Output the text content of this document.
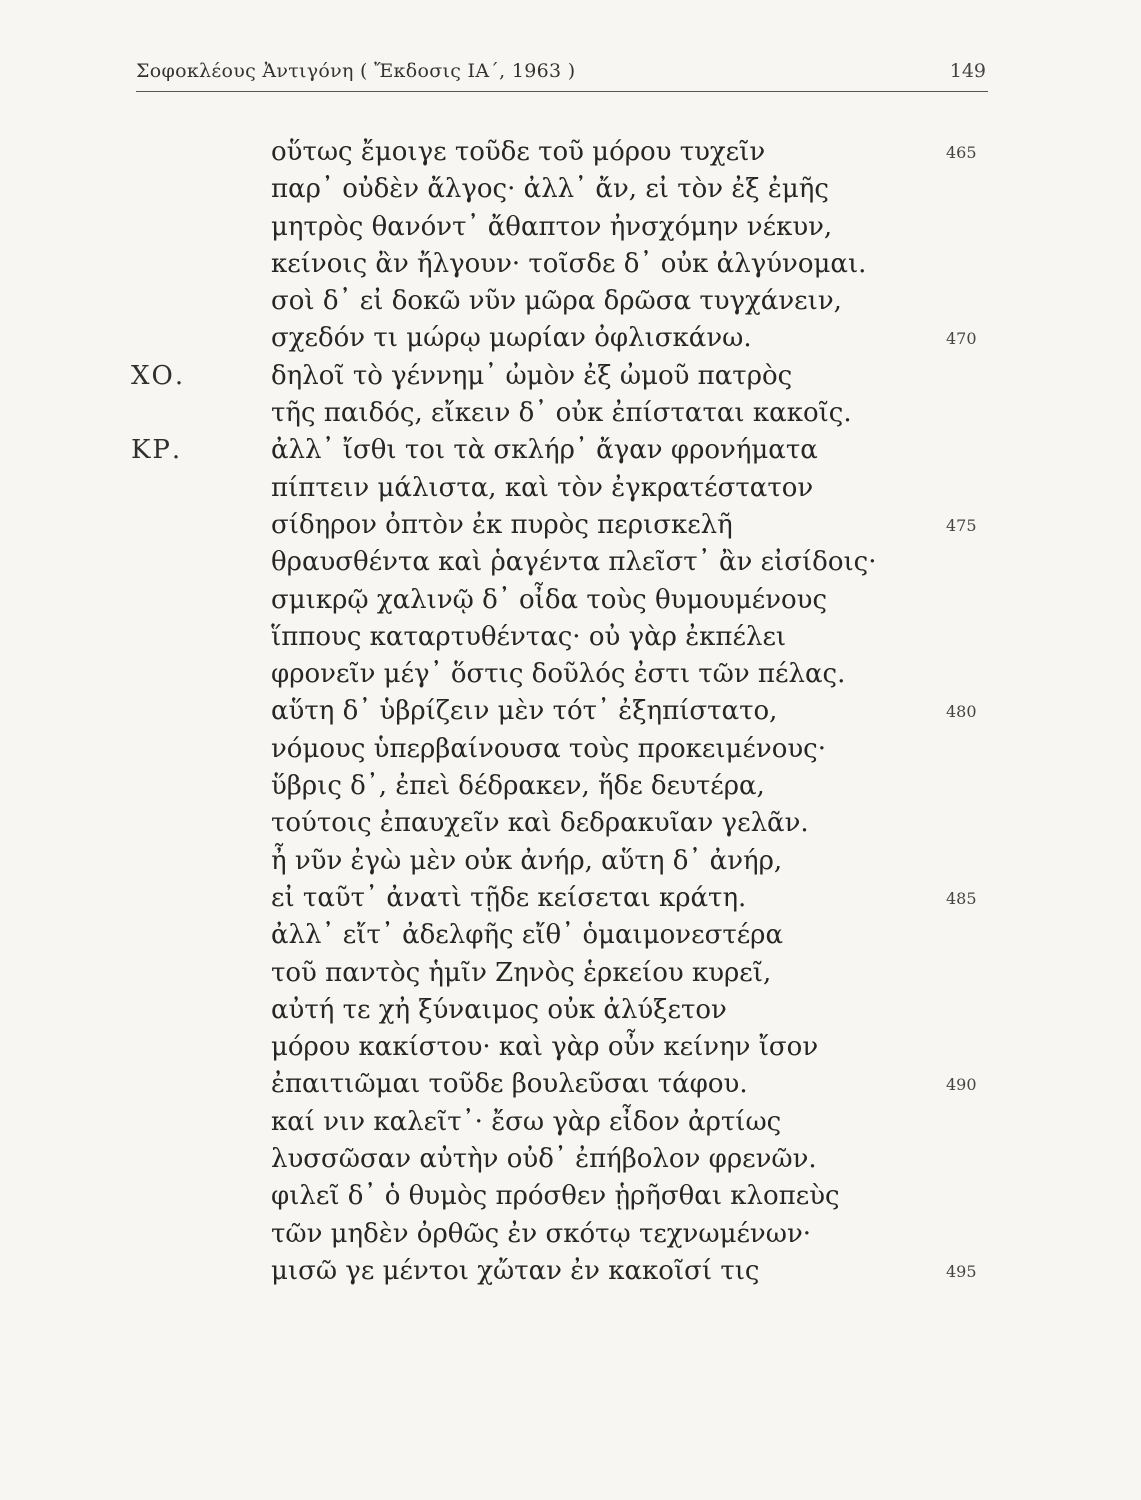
Σοφοκλέους Ἀντιγόνη ( Ἔκδοσις ΙΑ΄, 1963 )	149
οὕτως ἔμοιγε τοῦδε τοῦ μόρου τυχεῖν	465
παρ᾽ οὐδὲν ἄλγος· ἀλλ᾽ ἄν, εἰ τὸν ἐξ ἐμῆς
μητρὸς θανόντ᾽ ἄθαπτον ἠνσχόμην νέκυν,
κείνοις ἂν ἤλγουν· τοῖσδε δ᾽ οὐκ ἀλγύνομαι.
σοὶ δ᾽ εἰ δοκῶ νῦν μῶρα δρῶσα τυγχάνειν,
σχεδόν τι μώρῳ μωρίαν ὀφλισκάνω.	470
ΧΟ.	δηλοῖ τὸ γέννημ᾽ ὠμὸν ἐξ ὠμοῦ πατρὸς
τῆς παιδός, εἴκειν δ᾽ οὐκ ἐπίσταται κακοῖς.
ΚΡ.	ἀλλ᾽ ἴσθι τοι τὰ σκλήρ᾽ ἄγαν φρονήματα
πίπτειν μάλιστα, καὶ τὸν ἐγκρατέστατον
σίδηρον ὀπτὸν ἐκ πυρὸς περισκελῆ	475
θραυσθέντα καὶ ῥαγέντα πλεῖστ᾽ ἂν εἰσίδοις·
σμικρῷ χαλινῷ δ᾽ οἶδα τοὺς θυμουμένους
ἵππους καταρτυθέντας· οὐ γὰρ ἐκπέλει
φρονεῖν μέγ᾽ ὅστις δοῦλός ἐστι τῶν πέλας.
αὕτη δ᾽ ὑβρίζειν μὲν τότ᾽ ἐξηπίστατο,	480
νόμους ὑπερβαίνουσα τοὺς προκειμένους·
ὕβρις δ᾽, ἐπεὶ δέδρακεν, ἥδε δευτέρα,
τούτοις ἐπαυχεῖν καὶ δεδρακυῖαν γελᾶν.
ἦ νῦν ἐγὼ μὲν οὐκ ἀνήρ, αὕτη δ᾽ ἀνήρ,
εἰ ταῦτ᾽ ἀνατὶ τῇδε κείσεται κράτη.	485
ἀλλ᾽ εἴτ᾽ ἀδελφῆς εἴθ᾽ ὁμαιμονεστέρα
τοῦ παντὸς ἡμῖν Ζηνὸς ἑρκείου κυρεῖ,
αὐτή τε χἠ ξύναιμος οὐκ ἀλύξετον
μόρου κακίστου· καὶ γὰρ οὖν κείνην ἴσον
ἐπαιτιῶμαι τοῦδε βουλεῦσαι τάφου.	490
καί νιν καλεῖτ᾽· ἔσω γὰρ εἶδον ἀρτίως
λυσσῶσαν αὐτὴν οὐδ᾽ ἐπήβολον φρενῶν.
φιλεῖ δ᾽ ὁ θυμὸς πρόσθεν ᾑρῆσθαι κλοπεὺς
τῶν μηδὲν ὀρθῶς ἐν σκότῳ τεχνωμένων·
μισῶ γε μέντοι χὤταν ἐν κακοῖσί τις	495
